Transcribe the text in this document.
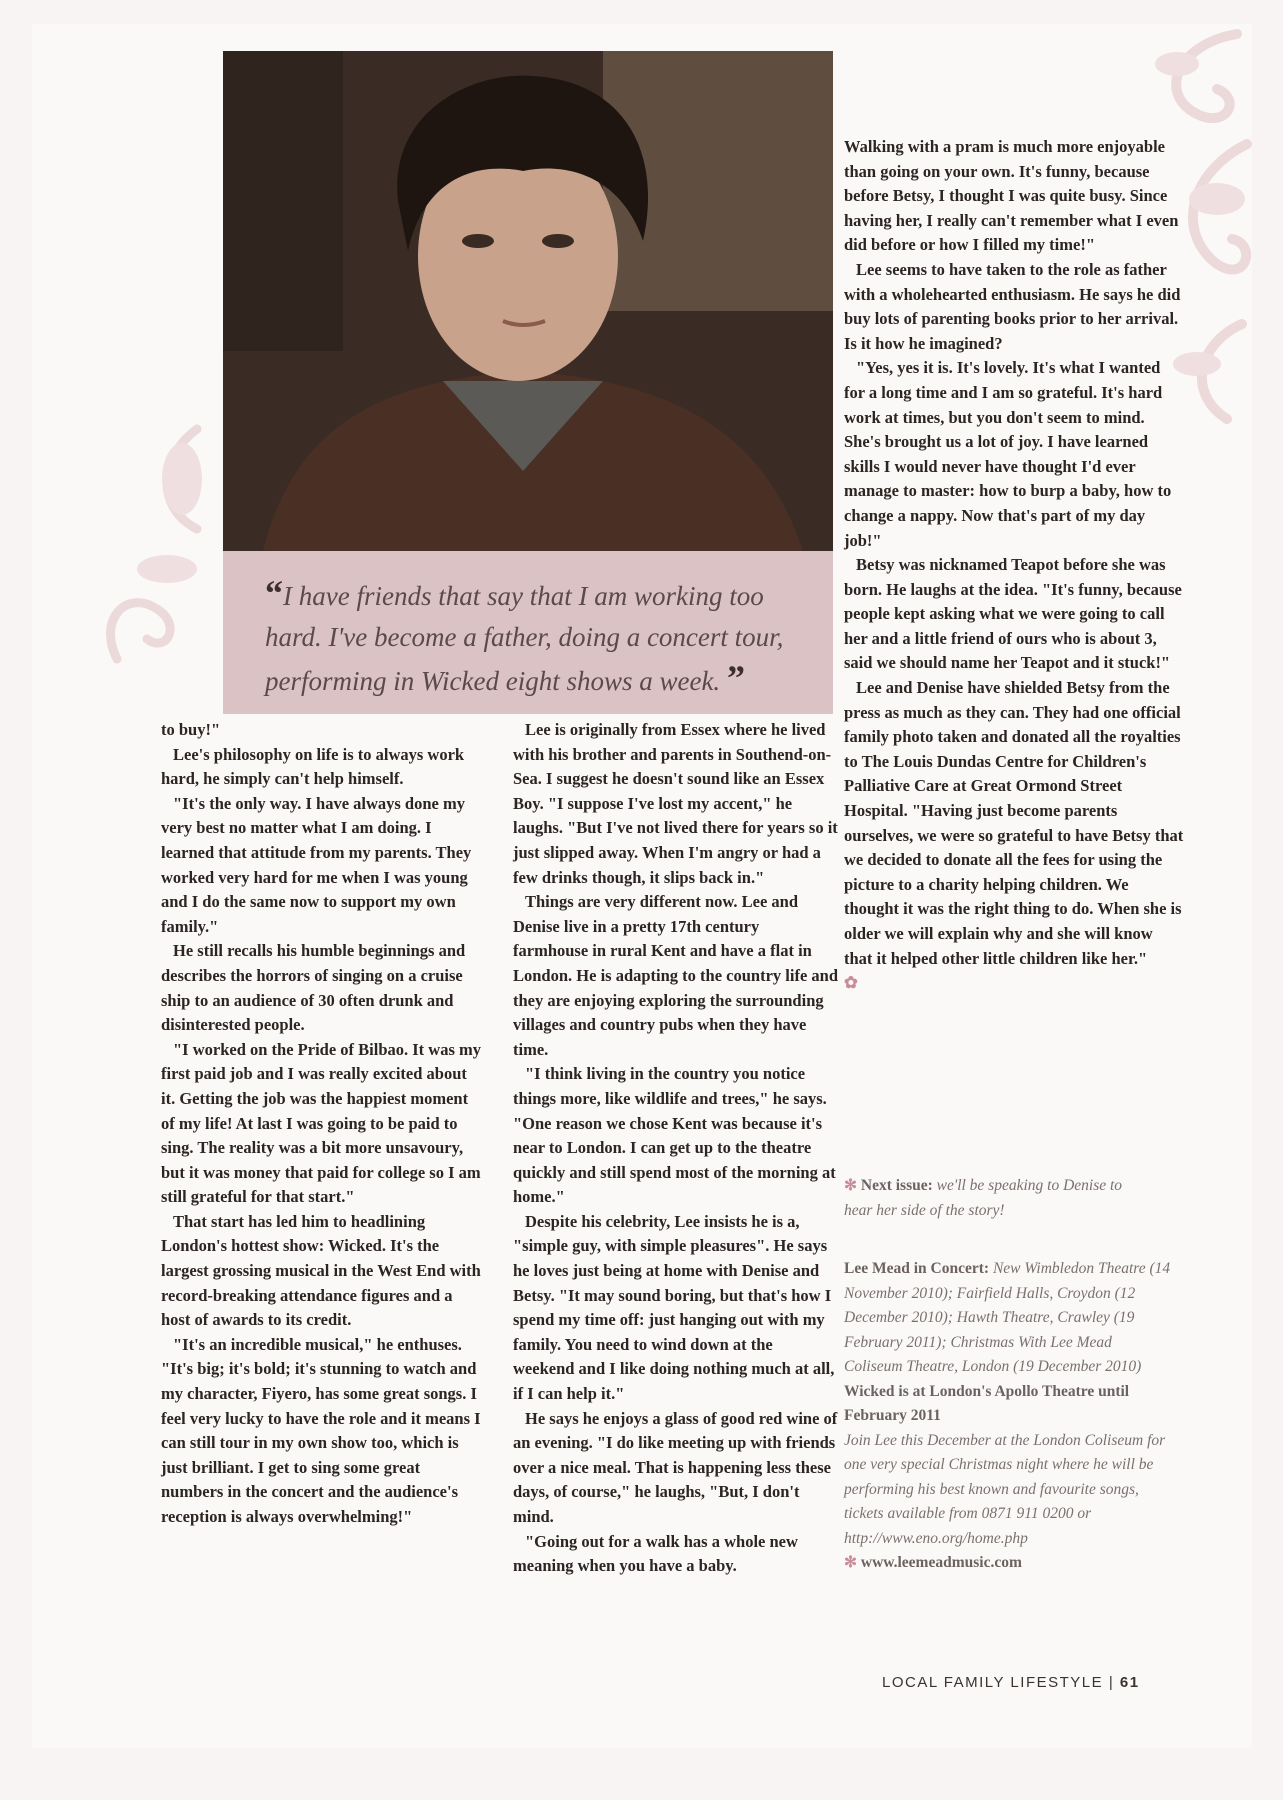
“I have friends that say that I am working too hard. I've become a father, doing a concert tour, performing in Wicked eight shows a week. ”

to buy!"

Lee's philosophy on life is to always work hard, he simply can't help himself.

"It's the only way. I have always done my very best no matter what I am doing. I learned that attitude from my parents. They worked very hard for me when I was young and I do the same now to support my own family."

He still recalls his humble beginnings and describes the horrors of singing on a cruise ship to an audience of 30 often drunk and disinterested people.

"I worked on the Pride of Bilbao. It was my first paid job and I was really excited about it. Getting the job was the happiest moment of my life! At last I was going to be paid to sing. The reality was a bit more unsavoury, but it was money that paid for college so I am still grateful for that start."

That start has led him to headlining London's hottest show: Wicked. It's the largest grossing musical in the West End with record-breaking attendance figures and a host of awards to its credit.

"It's an incredible musical," he enthuses. "It's big; it's bold; it's stunning to watch and my character, Fiyero, has some great songs. I feel very lucky to have the role and it means I can still tour in my own show too, which is just brilliant. I get to sing some great numbers in the concert and the audience's reception is always overwhelming!"

Lee is originally from Essex where he lived with his brother and parents in Southend-on-Sea. I suggest he doesn't sound like an Essex Boy. "I suppose I've lost my accent," he laughs. "But I've not lived there for years so it just slipped away. When I'm angry or had a few drinks though, it slips back in."

Things are very different now. Lee and Denise live in a pretty 17th century farmhouse in rural Kent and have a flat in London. He is adapting to the country life and they are enjoying exploring the surrounding villages and country pubs when they have time.

"I think living in the country you notice things more, like wildlife and trees," he says. "One reason we chose Kent was because it's near to London. I can get up to the theatre quickly and still spend most of the morning at home."

Despite his celebrity, Lee insists he is a, "simple guy, with simple pleasures". He says he loves just being at home with Denise and Betsy. "It may sound boring, but that's how I spend my time off: just hanging out with my family. You need to wind down at the weekend and I like doing nothing much at all, if I can help it."

He says he enjoys a glass of good red wine of an evening. "I do like meeting up with friends over a nice meal. That is happening less these days, of course," he laughs, "But, I don't mind.

"Going out for a walk has a whole new meaning when you have a baby.

Walking with a pram is much more enjoyable than going on your own. It's funny, because before Betsy, I thought I was quite busy. Since having her, I really can't remember what I even did before or how I filled my time!"

Lee seems to have taken to the role as father with a wholehearted enthusiasm. He says he did buy lots of parenting books prior to her arrival. Is it how he imagined?

"Yes, yes it is. It's lovely. It's what I wanted for a long time and I am so grateful. It's hard work at times, but you don't seem to mind. She's brought us a lot of joy. I have learned skills I would never have thought I'd ever manage to master: how to burp a baby, how to change a nappy. Now that's part of my day job!"

Betsy was nicknamed Teapot before she was born. He laughs at the idea. "It's funny, because people kept asking what we were going to call her and a little friend of ours who is about 3, said we should name her Teapot and it stuck!"

Lee and Denise have shielded Betsy from the press as much as they can. They had one official family photo taken and donated all the royalties to The Louis Dundas Centre for Children's Palliative Care at Great Ormond Street Hospital. "Having just become parents ourselves, we were so grateful to have Betsy that we decided to donate all the fees for using the picture to a charity helping children. We thought it was the right thing to do. When she is older we will explain why and she will know that it helped other little children like her."

✿

✻ Next issue: we'll be speaking to Denise to hear her side of the story!

Lee Mead in Concert: New Wimbledon Theatre (14 November 2010); Fairfield Halls, Croydon (12 December 2010); Hawth Theatre, Crawley (19 February 2011); Christmas With Lee Mead Coliseum Theatre, London (19 December 2010)

Wicked is at London's Apollo Theatre until February 2011

Join Lee this December at the London Coliseum for one very special Christmas night where he will be performing his best known and favourite songs, tickets available from 0871 911 0200 or http://www.eno.org/home.php

✻ www.leemeadmusic.com

LOCAL FAMILY LIFESTYLE | 61
